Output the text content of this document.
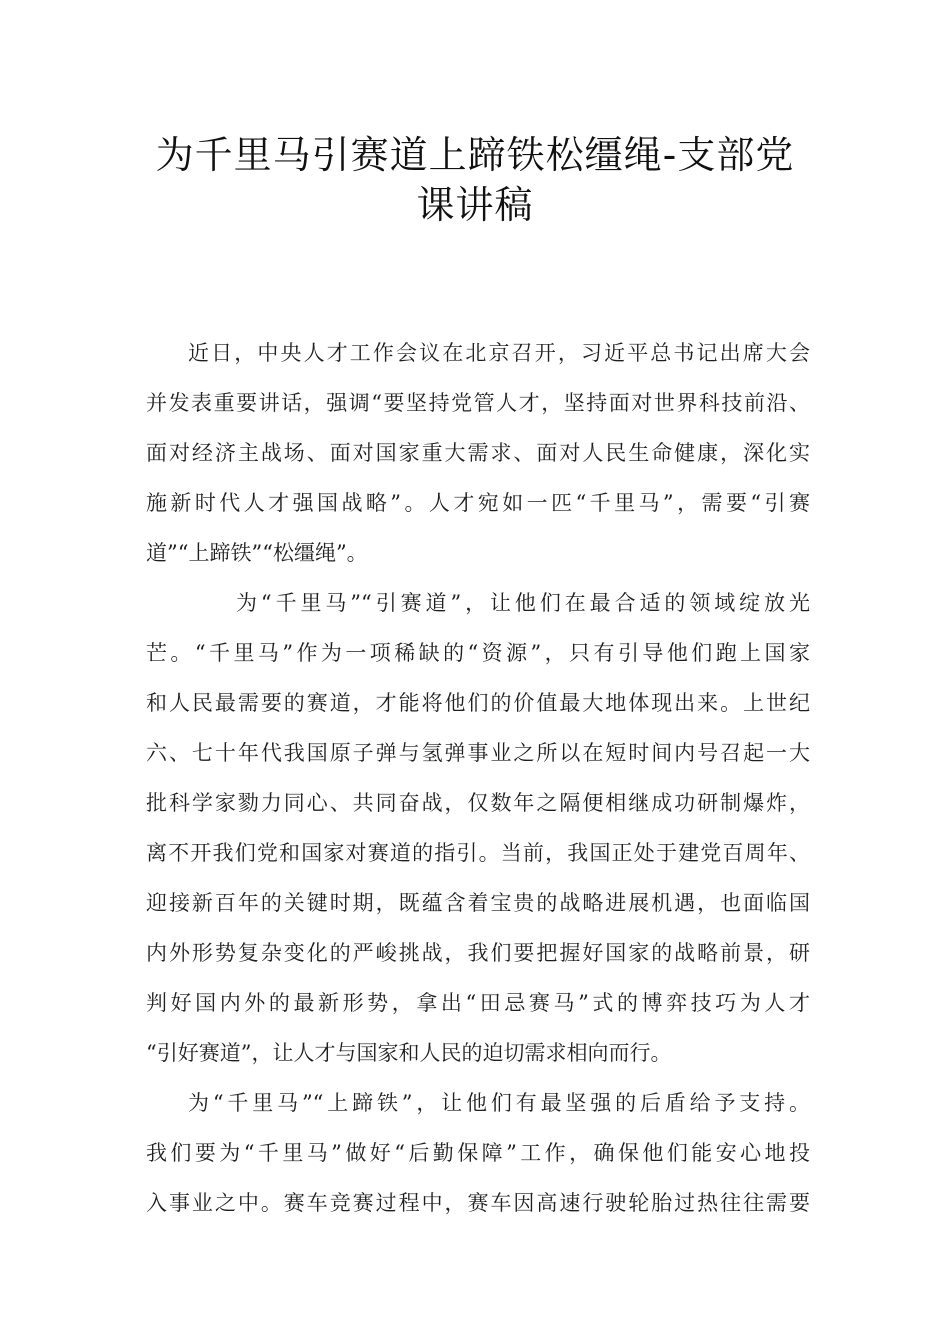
为千里马引赛道上蹄铁松缰绳-支部党
课讲稿
近日，中央人才工作会议在北京召开，习近平总书记出席大会
并发表重要讲话，强调“要坚持党管人才，坚持面对世界科技前沿、
面对经济主战场、面对国家重大需求、面对人民生命健康，深化实
施新时代人才强国战略”。人才宛如一匹“千里马”，需要“引赛
道”“上蹄铁”“松缰绳”。
为“千里马”“引赛道”，让他们在最合适的领域绽放光
芒。“千里马”作为一项稀缺的“资源”，只有引导他们跑上国家
和人民最需要的赛道，才能将他们的价值最大地体现出来。上世纪
六、七十年代我国原子弹与氢弹事业之所以在短时间内号召起一大
批科学家勠力同心、共同奋战，仅数年之隔便相继成功研制爆炸，
离不开我们党和国家对赛道的指引。当前，我国正处于建党百周年、
迎接新百年的关键时期，既蕴含着宝贵的战略进展机遇，也面临国
内外形势复杂变化的严峻挑战，我们要把握好国家的战略前景，研
判好国内外的最新形势，拿出“田忌赛马”式的博弈技巧为人才
“引好赛道”，让人才与国家和人民的迫切需求相向而行。
为“千里马”“上蹄铁”，让他们有最坚强的后盾给予支持。
我们要为“千里马”做好“后勤保障”工作，确保他们能安心地投
入事业之中。赛车竞赛过程中，赛车因高速行驶轮胎过热往往需要
